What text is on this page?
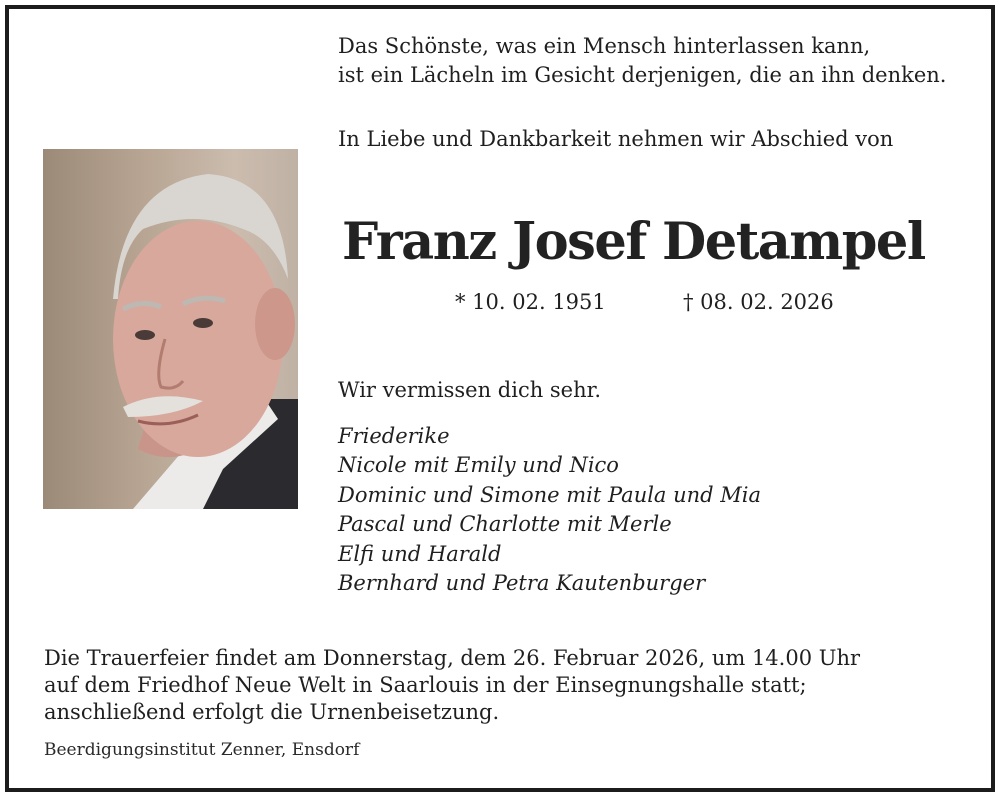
Das Schönste, was ein Mensch hinterlassen kann,
ist ein Lächeln im Gesicht derjenigen, die an ihn denken.
In Liebe und Dankbarkeit nehmen wir Abschied von
Franz Josef Detampel
* 10. 02. 1951	† 08. 02. 2026
Wir vermissen dich sehr.
Friederike
Nicole mit Emily und Nico
Dominic und Simone mit Paula und Mia
Pascal und Charlotte mit Merle
Elfi und Harald
Bernhard und Petra Kautenburger
Die Trauerfeier findet am Donnerstag, dem 26. Februar 2026, um 14.00 Uhr
auf dem Friedhof Neue Welt in Saarlouis in der Einsegnungshalle statt;
anschließend erfolgt die Urnenbeisetzung.
Beerdigungsinstitut Zenner, Ensdorf
